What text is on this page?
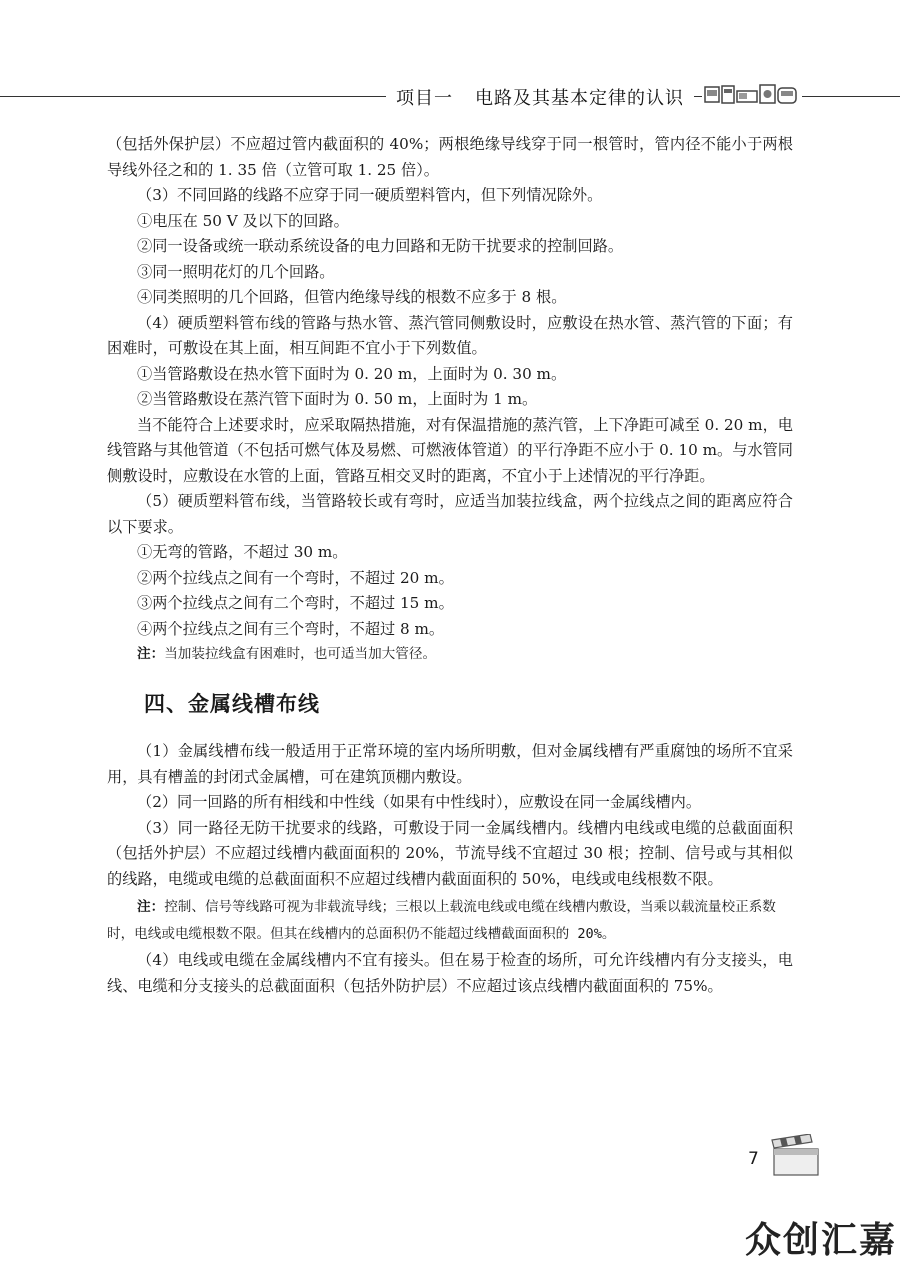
项目一 电路及其基本定律的认识

（包括外保护层）不应超过管内截面积的 40%；两根绝缘导线穿于同一根管时，管内径不能小于两根导线外径之和的 1. 35 倍（立管可取 1. 25 倍）。

（3）不同回路的线路不应穿于同一硬质塑料管内，但下列情况除外。

①电压在 50 V 及以下的回路。

②同一设备或统一联动系统设备的电力回路和无防干扰要求的控制回路。

③同一照明花灯的几个回路。

④同类照明的几个回路，但管内绝缘导线的根数不应多于 8 根。

（4）硬质塑料管布线的管路与热水管、蒸汽管同侧敷设时，应敷设在热水管、蒸汽管的下面；有困难时，可敷设在其上面，相互间距不宜小于下列数值。

①当管路敷设在热水管下面时为 0. 20 m，上面时为 0. 30 m。

②当管路敷设在蒸汽管下面时为 0. 50 m，上面时为 1 m。

当不能符合上述要求时，应采取隔热措施，对有保温措施的蒸汽管，上下净距可减至 0. 20 m，电线管路与其他管道（不包括可燃气体及易燃、可燃液体管道）的平行净距不应小于 0. 10 m。与水管同侧敷设时，应敷设在水管的上面，管路互相交叉时的距离，不宜小于上述情况的平行净距。

（5）硬质塑料管布线，当管路较长或有弯时，应适当加装拉线盒，两个拉线点之间的距离应符合以下要求。

①无弯的管路，不超过 30 m。

②两个拉线点之间有一个弯时，不超过 20 m。

③两个拉线点之间有二个弯时，不超过 15 m。

④两个拉线点之间有三个弯时，不超过 8 m。

注：当加装拉线盒有困难时，也可适当加大管径。

四、金属线槽布线

（1）金属线槽布线一般适用于正常环境的室内场所明敷，但对金属线槽有严重腐蚀的场所不宜采用，具有槽盖的封闭式金属槽，可在建筑顶棚内敷设。

（2）同一回路的所有相线和中性线（如果有中性线时），应敷设在同一金属线槽内。

（3）同一路径无防干扰要求的线路，可敷设于同一金属线槽内。线槽内电线或电缆的总截面面积（包括外护层）不应超过线槽内截面面积的 20%，节流导线不宜超过 30 根；控制、信号或与其相似的线路，电缆或电缆的总截面面积不应超过线槽内截面面积的 50%，电线或电线根数不限。

注：控制、信号等线路可视为非载流导线；三根以上载流电线或电缆在线槽内敷设，当乘以载流量校正系数时，电线或电缆根数不限。但其在线槽内的总面积仍不能超过线槽截面面积的 20%。

（4）电线或电缆在金属线槽内不宜有接头。但在易于检查的场所，可允许线槽内有分支接头，电线、电缆和分支接头的总截面面积（包括外防护层）不应超过该点线槽内截面面积的 75%。

7
众创汇嘉
